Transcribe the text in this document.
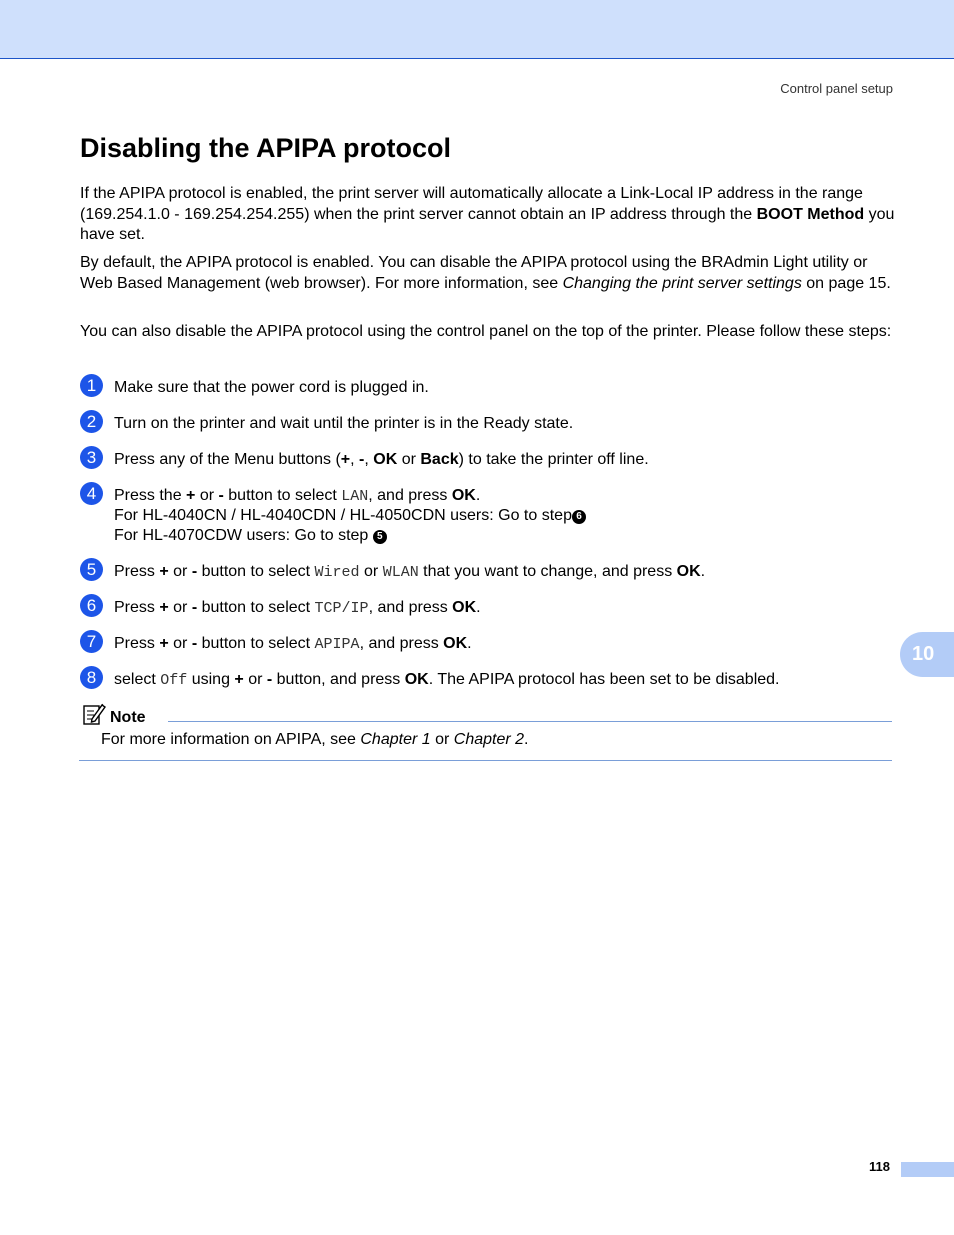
Control panel setup
Disabling the APIPA protocol

If the APIPA protocol is enabled, the print server will automatically allocate a Link-Local IP address in the range (169.254.1.0 - 169.254.254.255) when the print server cannot obtain an IP address through the BOOT Method you have set.

By default, the APIPA protocol is enabled. You can disable the APIPA protocol using the BRAdmin Light utility or Web Based Management (web browser). For more information, see Changing the print server settings on page 15.

You can also disable the APIPA protocol using the control panel on the top of the printer. Please follow these steps:

1	Make sure that the power cord is plugged in.
2	Turn on the printer and wait until the printer is in the Ready state.
3	Press any of the Menu buttons (+, -, OK or Back) to take the printer off line.
4	Press the + or - button to select LAN, and press OK.
For HL-4040CN / HL-4040CDN / HL-4050CDN users: Go to step 6
For HL-4070CDW users: Go to step 5
5	Press + or - button to select Wired or WLAN that you want to change, and press OK.
6	Press + or - button to select TCP/IP, and press OK.
7	Press + or - button to select APIPA, and press OK.
8	select Off using + or - button, and press OK. The APIPA protocol has been set to be disabled.
10
Note
For more information on APIPA, see Chapter 1 or Chapter 2.
118
